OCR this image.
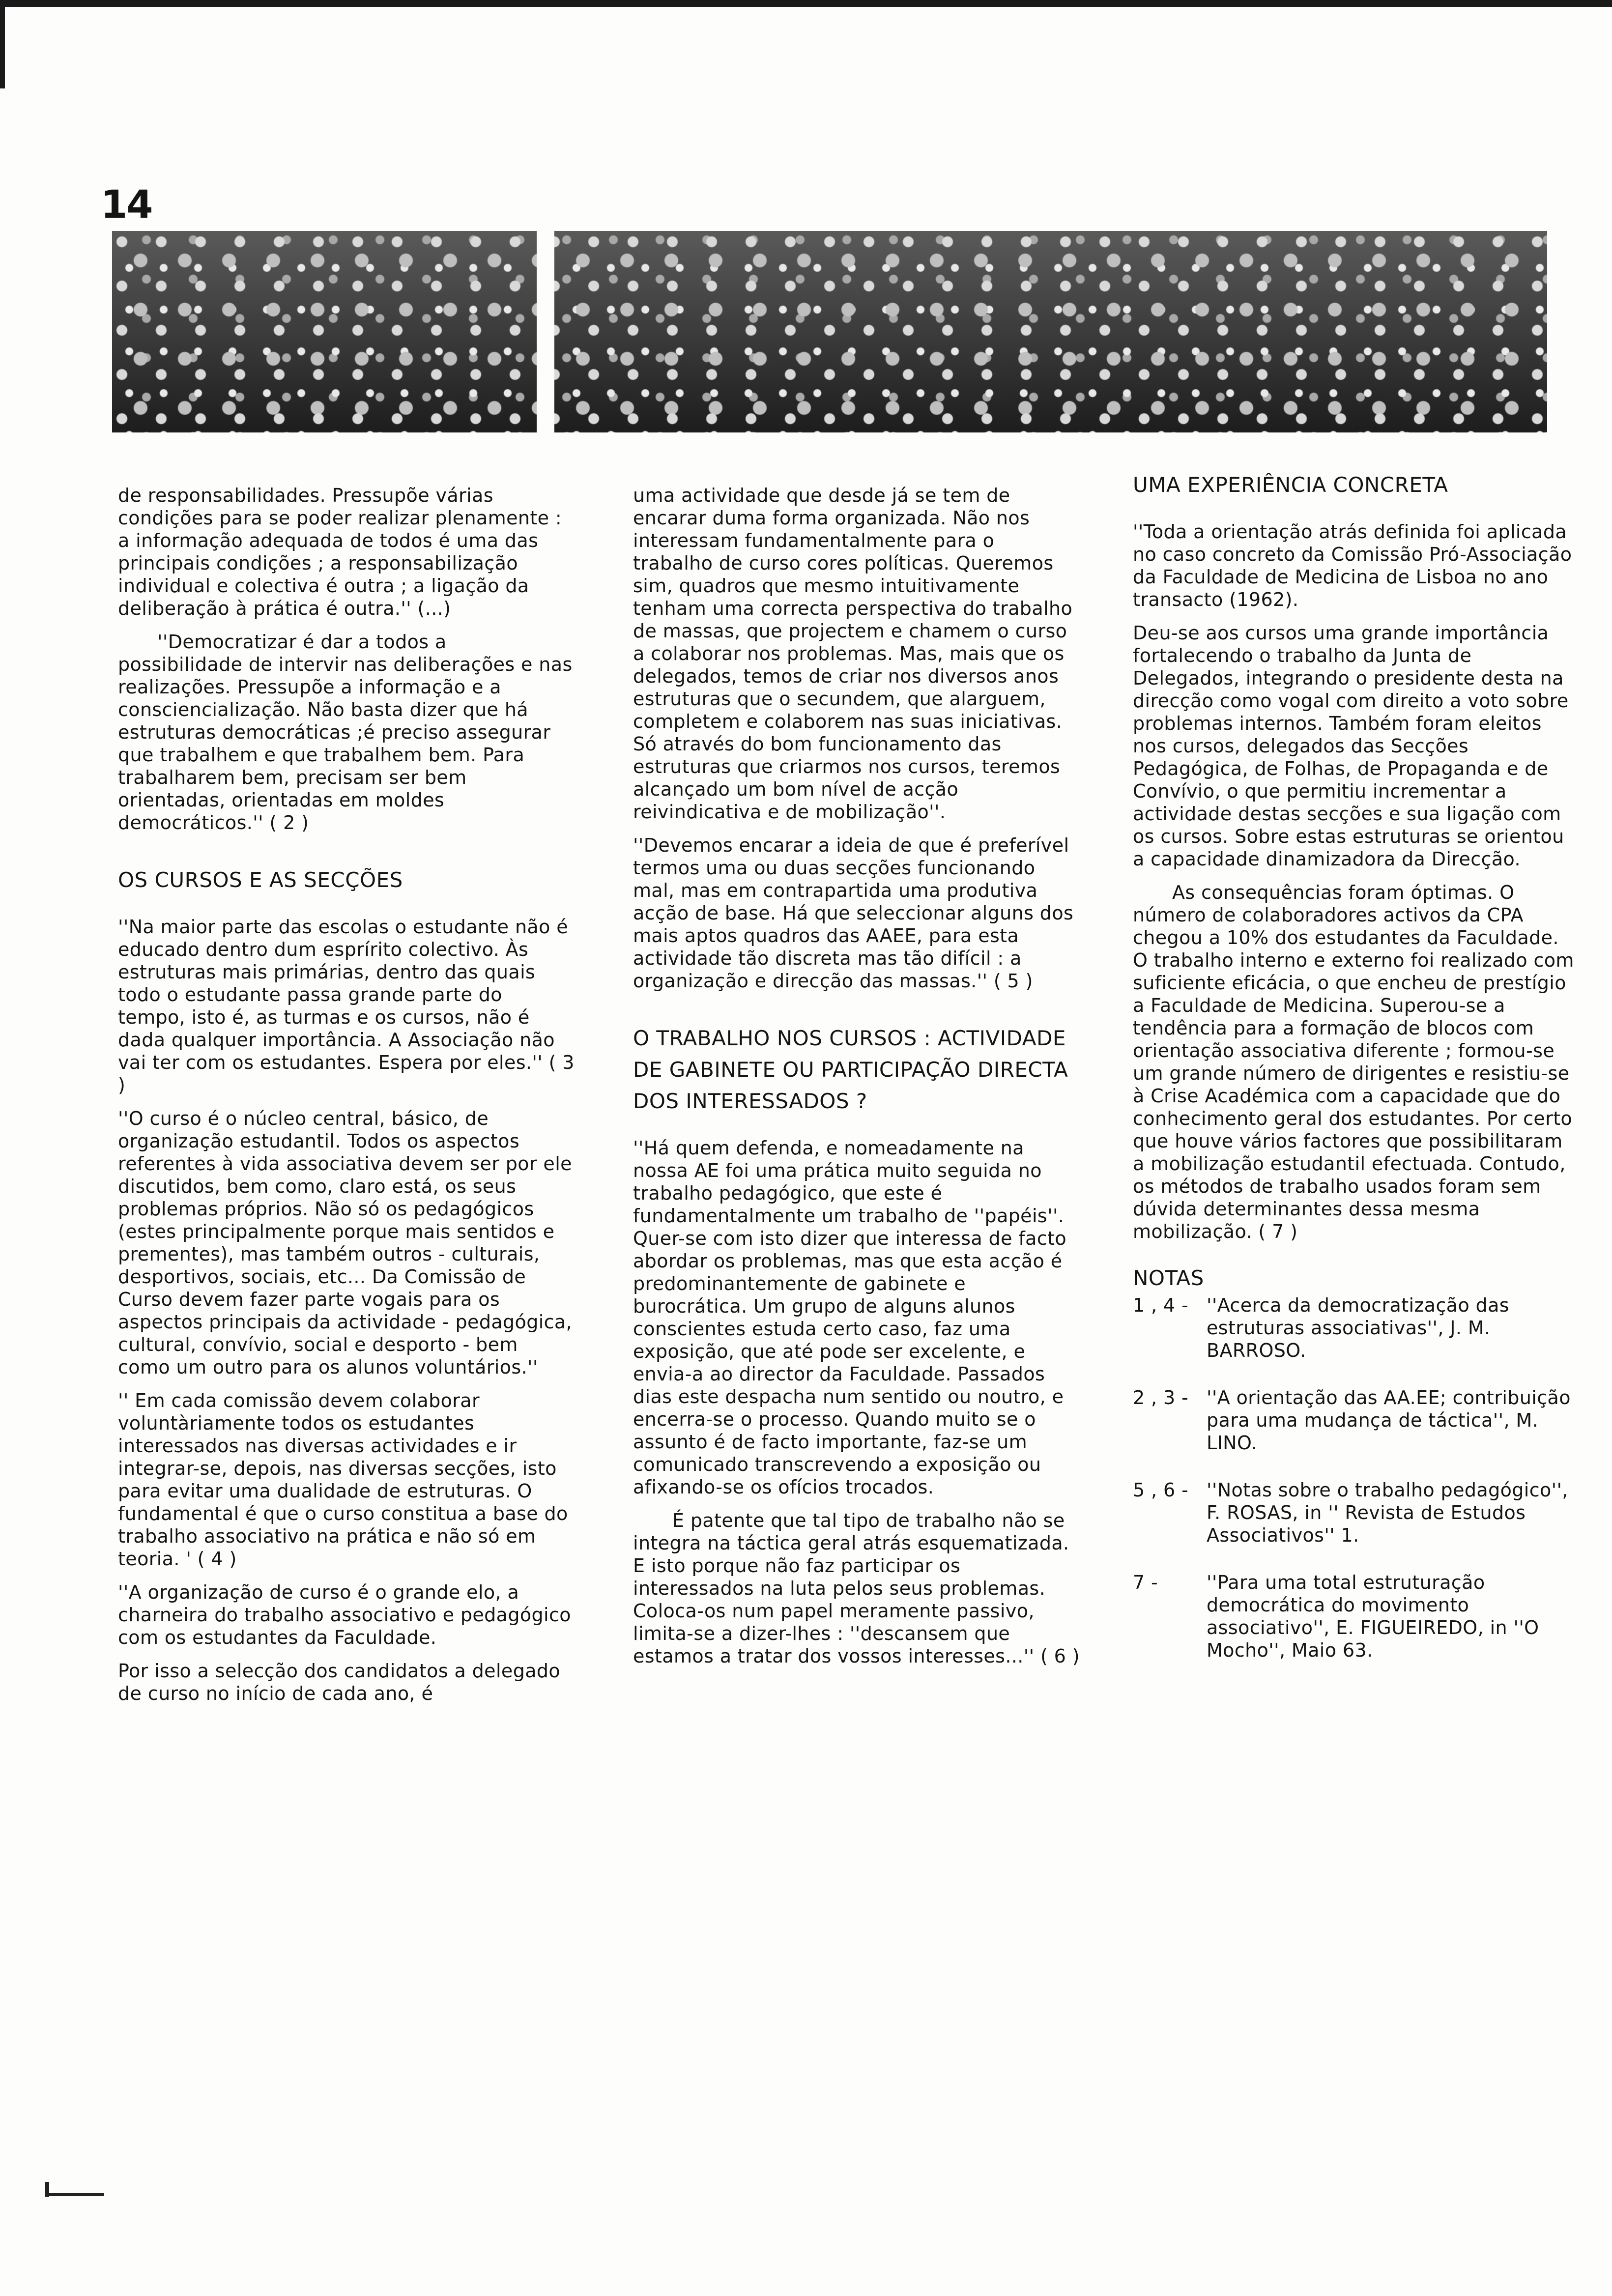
14

de responsabilidades. Pressupõe várias condições para se poder realizar plenamente : a informação adequada de todos é uma das principais condições ; a responsabilização individual e colectiva é outra ; a ligação da deliberação à prática é outra.'' (...)

''Democratizar é dar a todos a possibilidade de intervir nas deliberações e nas realizações. Pressupõe a informação e a consciencialização. Não basta dizer que há estruturas democráticas ;é preciso assegurar que trabalhem e que trabalhem bem. Para trabalharem bem, precisam ser bem orientadas, orientadas em moldes democráticos.'' ( 2 )

OS CURSOS E AS SECÇÕES

''Na maior parte das escolas o estudante não é educado dentro dum esprírito colectivo. Às estruturas mais primárias, dentro das quais todo o estudante passa grande parte do tempo, isto é, as turmas e os cursos, não é dada qualquer importância. A Associação não vai ter com os estudantes. Espera por eles.'' ( 3 )

''O curso é o núcleo central, básico, de organização estudantil. Todos os aspectos referentes à vida associativa devem ser por ele discutidos, bem como, claro está, os seus problemas próprios. Não só os pedagógicos (estes principalmente porque mais sentidos e prementes), mas também outros - culturais, desportivos, sociais, etc... Da Comissão de Curso devem fazer parte vogais para os aspectos principais da actividade - pedagógica, cultural, convívio, social e desporto - bem como um outro para os alunos voluntários.''

'' Em cada comissão devem colaborar voluntàriamente todos os estudantes interessados nas diversas actividades e ir integrar-se, depois, nas diversas secções, isto para evitar uma dualidade de estruturas. O fundamental é que o curso constitua a base do trabalho associativo na prática e não só em teoria. ' ( 4 )

''A organização de curso é o grande elo, a charneira do trabalho associativo e pedagógico com os estudantes da Faculdade.

Por isso a selecção dos candidatos a delegado de curso no início de cada ano, é

uma actividade que desde já se tem de encarar duma forma organizada. Não nos interessam fundamentalmente para o trabalho de curso cores políticas. Queremos sim, quadros que mesmo intuitivamente tenham uma correcta perspectiva do trabalho de massas, que projectem e chamem o curso a colaborar nos problemas. Mas, mais que os delegados, temos de criar nos diversos anos estruturas que o secundem, que alarguem, completem e colaborem nas suas iniciativas. Só através do bom funcionamento das estruturas que criarmos nos cursos, teremos alcançado um bom nível de acção reivindicativa e de mobilização''.

''Devemos encarar a ideia de que é preferível termos uma ou duas secções funcionando mal, mas em contrapartida uma produtiva acção de base. Há que seleccionar alguns dos mais aptos quadros das AAEE, para esta actividade tão discreta mas tão difícil : a organização e direcção das massas.'' ( 5 )

O TRABALHO NOS CURSOS : ACTIVIDADE DE GABINETE OU PARTICIPAÇÃO DIRECTA DOS INTERESSADOS ?

''Há quem defenda, e nomeadamente na nossa AE foi uma prática muito seguida no trabalho pedagógico, que este é fundamentalmente um trabalho de ''papéis''. Quer-se com isto dizer que interessa de facto abordar os problemas, mas que esta acção é predominantemente de gabinete e burocrática. Um grupo de alguns alunos conscientes estuda certo caso, faz uma exposição, que até pode ser excelente, e envia-a ao director da Faculdade. Passados dias este despacha num sentido ou noutro, e encerra-se o processo. Quando muito se o assunto é de facto importante, faz-se um comunicado transcrevendo a exposição ou afixando-se os ofícios trocados.

É patente que tal tipo de trabalho não se integra na táctica geral atrás esquematizada. E isto porque não faz participar os interessados na luta pelos seus problemas. Coloca-os num papel meramente passivo, limita-se a dizer-lhes : ''descansem que estamos a tratar dos vossos interesses...'' ( 6 )

UMA EXPERIÊNCIA CONCRETA

''Toda a orientação atrás definida foi aplicada no caso concreto da Comissão Pró-Associação da Faculdade de Medicina de Lisboa no ano transacto (1962).

Deu-se aos cursos uma grande importância fortalecendo o trabalho da Junta de Delegados, integrando o presidente desta na direcção como vogal com direito a voto sobre problemas internos. Também foram eleitos nos cursos, delegados das Secções Pedagógica, de Folhas, de Propaganda e de Convívio, o que permitiu incrementar a actividade destas secções e sua ligação com os cursos. Sobre estas estruturas se orientou a capacidade dinamizadora da Direcção.

As consequências foram óptimas. O número de colaboradores activos da CPA chegou a 10% dos estudantes da Faculdade. O trabalho interno e externo foi realizado com suficiente eficácia, o que encheu de prestígio a Faculdade de Medicina. Superou-se a tendência para a formação de blocos com orientação associativa diferente ; formou-se um grande número de dirigentes e resistiu-se à Crise Académica com a capacidade que do conhecimento geral dos estudantes. Por certo que houve vários factores que possibilitaram a mobilização estudantil efectuada. Contudo, os métodos de trabalho usados foram sem dúvida determinantes dessa mesma mobilização. ( 7 )

NOTAS
1 , 4 - ''Acerca da democratização das estruturas associativas'', J. M. BARROSO.
2 , 3 - ''A orientação das AA.EE; contribuição para uma mudança de táctica'', M. LINO.
5 , 6 - ''Notas sobre o trabalho pedagógico'', F. ROSAS, in '' Revista de Estudos Associativos'' 1.
7 -	''Para uma total estruturação democrática do movimento associativo'', E. FIGUEIREDO, in ''O Mocho'', Maio 63.
